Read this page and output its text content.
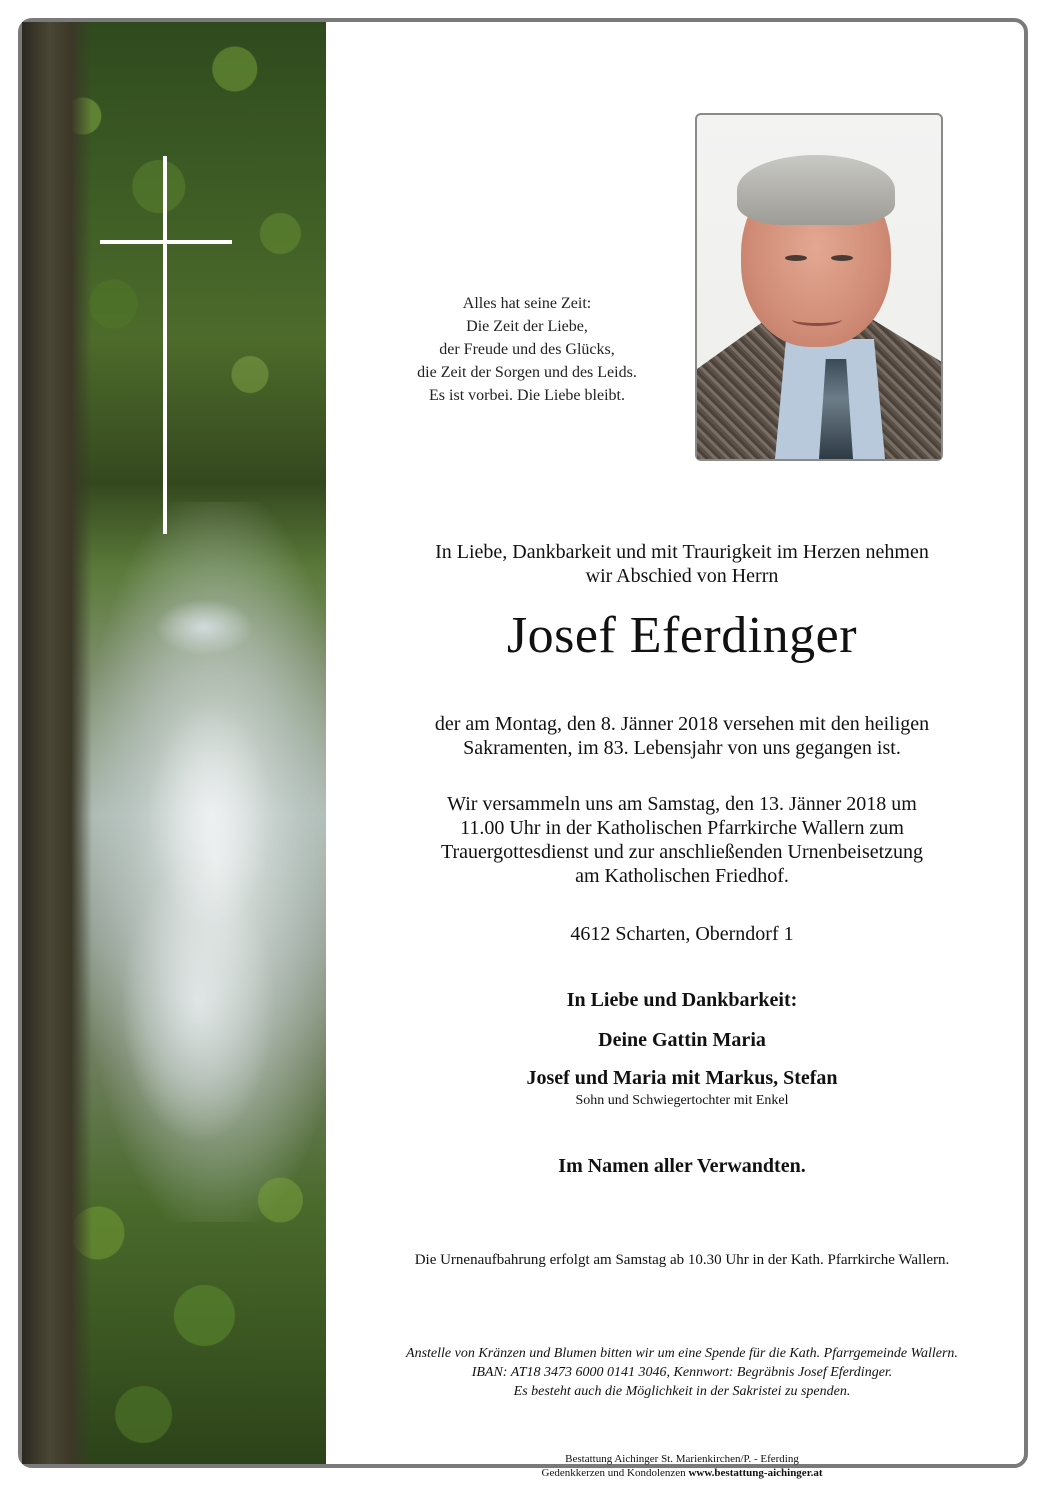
Alles hat seine Zeit:
Die Zeit der Liebe,
der Freude und des Glücks,
die Zeit der Sorgen und des Leids.
Es ist vorbei. Die Liebe bleibt.
In Liebe, Dankbarkeit und mit Traurigkeit im Herzen nehmen
wir Abschied von Herrn
Josef Eferdinger
der am Montag, den 8. Jänner 2018 versehen mit den heiligen
Sakramenten, im 83. Lebensjahr von uns gegangen ist.
Wir versammeln uns am Samstag, den 13. Jänner 2018 um
11.00 Uhr in der Katholischen Pfarrkirche Wallern zum
Trauergottesdienst und zur anschließenden Urnenbeisetzung
am Katholischen Friedhof.
4612 Scharten, Oberndorf 1
In Liebe und Dankbarkeit:
Deine Gattin Maria
Josef und Maria mit Markus, Stefan
Sohn und Schwiegertochter mit Enkel
Im Namen aller Verwandten.
Die Urnenaufbahrung erfolgt am Samstag ab 10.30 Uhr in der Kath. Pfarrkirche Wallern.
Anstelle von Kränzen und Blumen bitten wir um eine Spende für die Kath. Pfarrgemeinde Wallern.
IBAN: AT18 3473 6000 0141 3046, Kennwort: Begräbnis Josef Eferdinger.
Es besteht auch die Möglichkeit in der Sakristei zu spenden.
Bestattung Aichinger St. Marienkirchen/P. - Eferding
Gedenkkerzen und Kondolenzen www.bestattung-aichinger.at
